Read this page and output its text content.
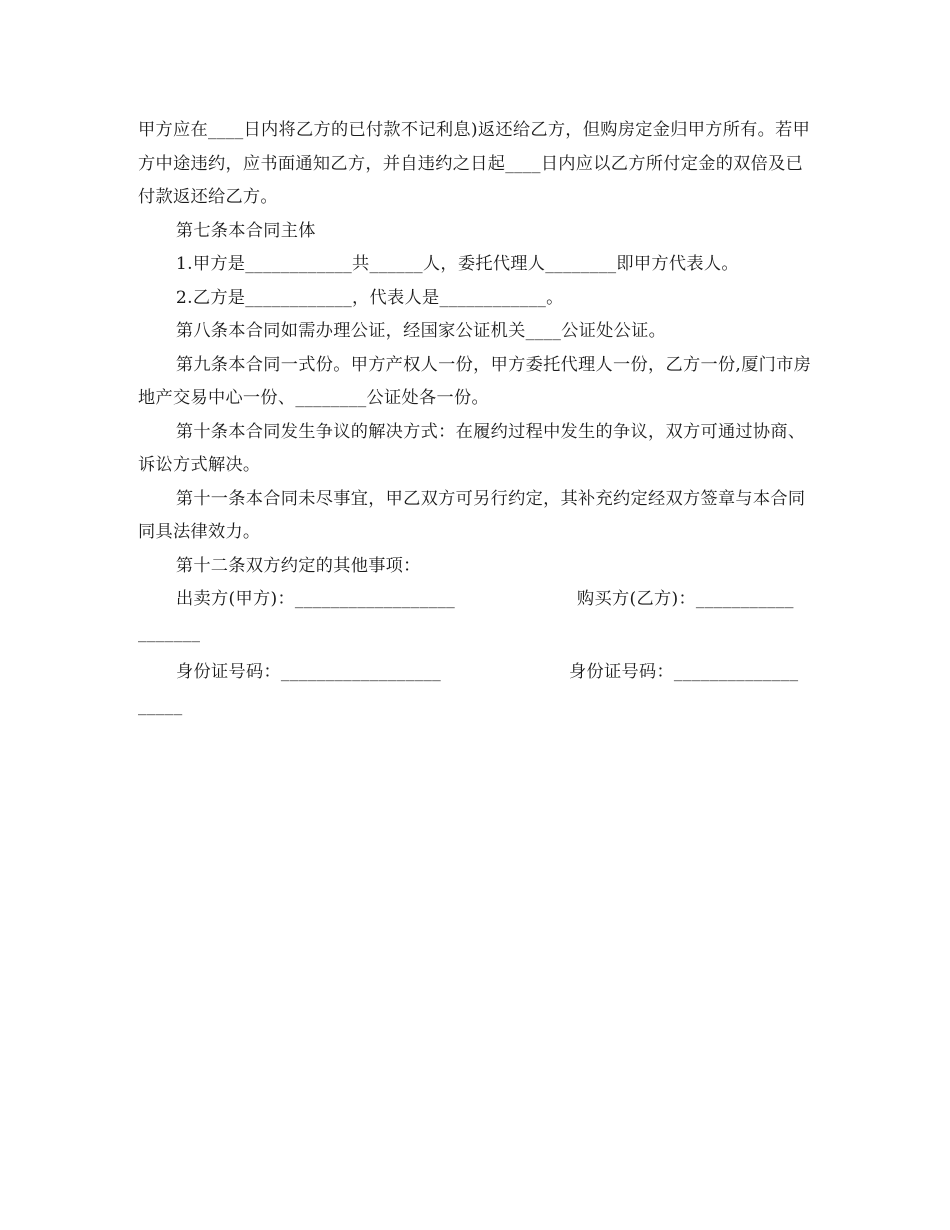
甲方应在____日内将乙方的已付款不记利息)返还给乙方，但购房定金归甲方所有。若甲方中途违约，应书面通知乙方，并自违约之日起____日内应以乙方所付定金的双倍及已付款返还给乙方。

第七条本合同主体

1.甲方是____________共______人，委托代理人________即甲方代表人。

2.乙方是____________，代表人是____________。

第八条本合同如需办理公证，经国家公证机关____公证处公证。

第九条本合同一式份。甲方产权人一份，甲方委托代理人一份，乙方一份,厦门市房地产交易中心一份、________公证处各一份。

第十条本合同发生争议的解决方式：在履约过程中发生的争议，双方可通过协商、诉讼方式解决。

第十一条本合同未尽事宜，甲乙双方可另行约定，其补充约定经双方签章与本合同同具法律效力。

第十二条双方约定的其他事项：

出卖方(甲方)：__________________	购买方(乙方)：___________
_______
身份证号码：__________________	身份证号码：______________
_____
